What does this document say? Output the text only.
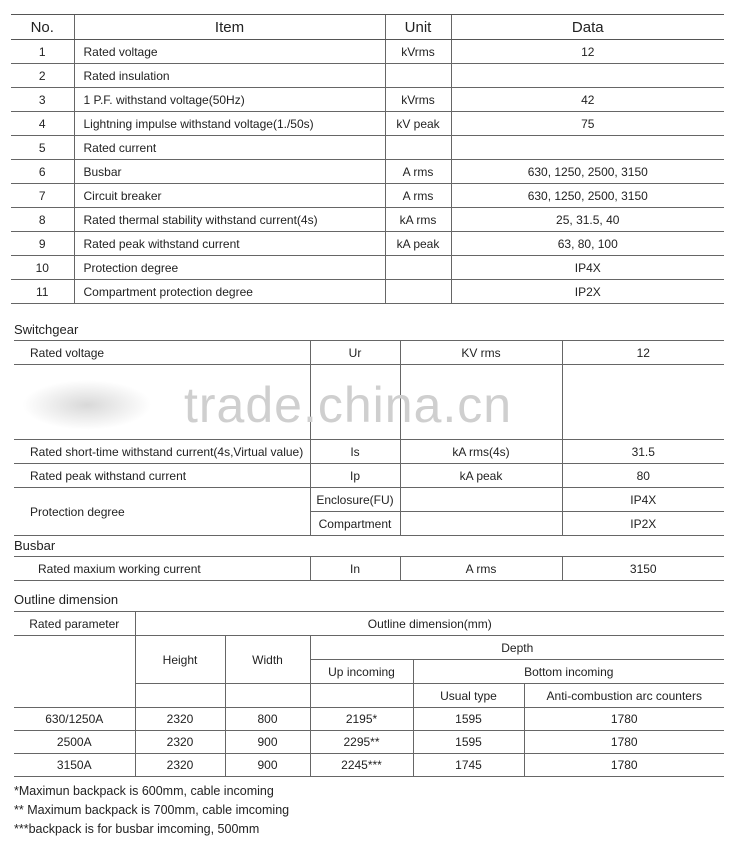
No.	Item	Unit	Data
1	Rated voltage	kVrms	12
2	Rated insulation		
3	1 P.F. withstand voltage(50Hz)	kVrms	42
4	Lightning impulse withstand voltage(1./50s)	kV peak	75
5	Rated current		
6	Busbar	A rms	630, 1250, 2500, 3150
7	Circuit breaker	A rms	630, 1250, 2500, 3150
8	Rated thermal stability withstand current(4s)	kA rms	25, 31.5, 40
9	Rated peak withstand current	kA peak	63, 80, 100
10	Protection degree		IP4X
11	Compartment protection degree		IP2X
Switchgear
Rated voltage	Ur	KV rms	12

Rated short-time withstand current(4s,Virtual value)	Is	kA rms(4s)	31.5
Rated peak withstand current	Ip	kA peak	80
Protection degree	Enclosure(FU)		IP4X
	Compartment		IP2X
Busbar
Rated maxium working current	In	A rms	3150
Outline dimension
Rated parameter	Outline dimension(mm)				
	Height	Width	Depth		
			Up incoming	Bottom incoming	
				Usual type	Anti-combustion arc counters
630/1250A	2320	800	2195*	1595	1780
2500A	2320	900	2295**	1595	1780
3150A	2320	900	2245***	1745	1780
*Maximun backpack is 600mm, cable incoming
** Maximum backpack is 700mm, cable imcoming
***backpack is for busbar imcoming, 500mm
trade.china.cn
